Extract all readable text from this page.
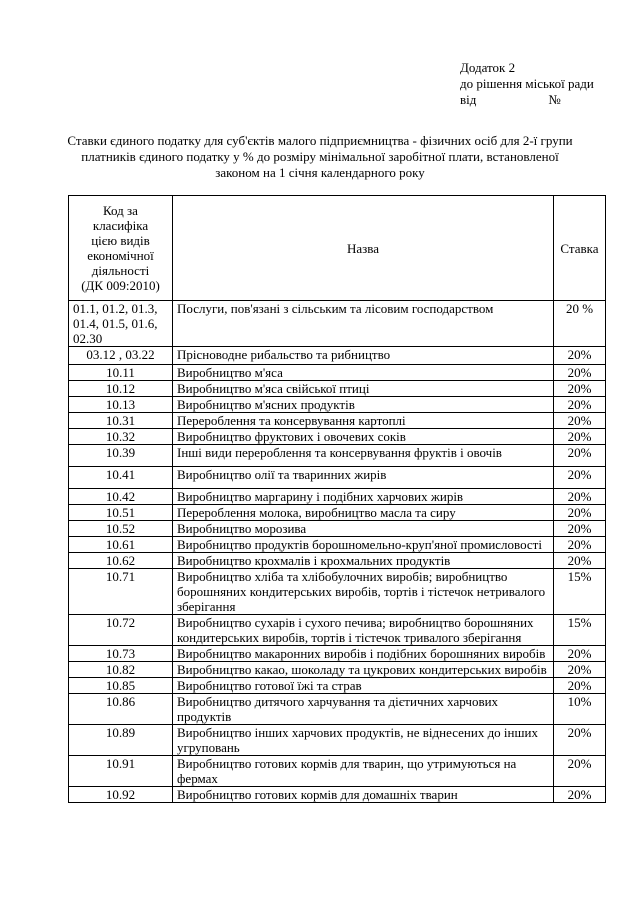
Додаток 2
до рішення міської ради
від	№
Ставки єдиного податку для суб'єктів малого підприємництва - фізичних осіб для 2-ї групи платників єдиного податку у % до розміру мінімальної заробітної плати, встановленої законом на 1 січня календарного року
Код за класифіка цією видів економічної діяльності (ДК 009:2010)	Назва	Ставка
01.1, 01.2, 01.3, 01.4, 01.5, 01.6, 02.30	Послуги, пов'язані з сільським та лісовим господарством	20 %
03.12 , 03.22	Прісноводне рибальство та рибництво	20%
10.11	Виробництво м'яса	20%
10.12	Виробництво м'яса свійської птиці	20%
10.13	Виробництво м'ясних продуктів	20%
10.31	Перероблення та консервування картоплі	20%
10.32	Виробництво фруктових і овочевих соків	20%
10.39	Інші види перероблення та консервування фруктів і овочів	20%
10.41	Виробництво олії та тваринних жирів	20%
10.42	Виробництво маргарину і подібних харчових жирів	20%
10.51	Перероблення молока, виробництво масла та сиру	20%
10.52	Виробництво морозива	20%
10.61	Виробництво продуктів борошномельно-круп'яної промисловості	20%
10.62	Виробництво крохмалів і крохмальних продуктів	20%
10.71	Виробництво хліба та хлібобулочних виробів; виробництво борошняних кондитерських виробів, тортів і тістечок нетривалого зберігання	15%
10.72	Виробництво сухарів і сухого печива; виробництво борошняних кондитерських виробів, тортів і тістечок тривалого зберігання	15%
10.73	Виробництво макаронних виробів і подібних борошняних виробів	20%
10.82	Виробництво какао, шоколаду та цукрових кондитерських виробів	20%
10.85	Виробництво готової їжі та страв	20%
10.86	Виробництво дитячого харчування та дієтичних харчових продуктів	10%
10.89	Виробництво інших харчових продуктів, не віднесених до інших угруповань	20%
10.91	Виробництво готових кормів для тварин, що утримуються на фермах	20%
10.92	Виробництво готових кормів для домашніх тварин	20%
